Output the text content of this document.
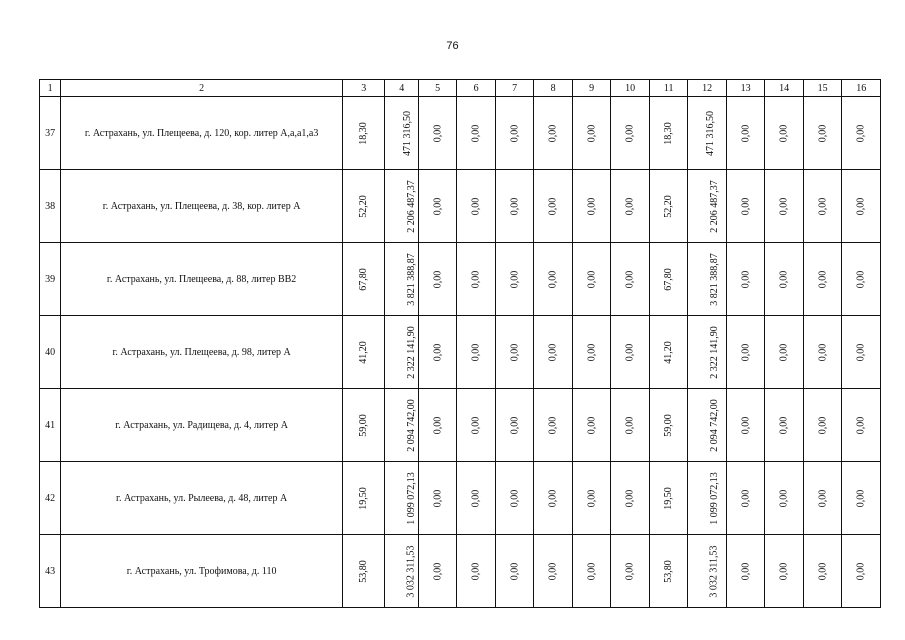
76
1	2	3	4	5	6	7	8	9	10	11	12	13	14	15	16
37	г. Астрахань, ул. Плещеева, д. 120, кор. литер А,а,а1,а3	18,30	471 316,50	0,00	0,00	0,00	0,00	0,00	0,00	18,30	471 316,50	0,00	0,00	0,00	0,00
38	г. Астрахань, ул. Плещеева, д. 38, кор. литер А	52,20	2 206 487,37	0,00	0,00	0,00	0,00	0,00	0,00	52,20	2 206 487,37	0,00	0,00	0,00	0,00
39	г. Астрахань, ул. Плещеева, д. 88, литер ВВ2	67,80	3 821 388,87	0,00	0,00	0,00	0,00	0,00	0,00	67,80	3 821 388,87	0,00	0,00	0,00	0,00
40	г. Астрахань, ул. Плещеева, д. 98, литер А	41,20	2 322 141,90	0,00	0,00	0,00	0,00	0,00	0,00	41,20	2 322 141,90	0,00	0,00	0,00	0,00
41	г. Астрахань, ул. Радищева, д. 4, литер А	59,00	2 094 742,00	0,00	0,00	0,00	0,00	0,00	0,00	59,00	2 094 742,00	0,00	0,00	0,00	0,00
42	г. Астрахань, ул. Рылеева, д. 48, литер А	19,50	1 099 072,13	0,00	0,00	0,00	0,00	0,00	0,00	19,50	1 099 072,13	0,00	0,00	0,00	0,00
43	г. Астрахань, ул. Трофимова, д. 110	53,80	3 032 311,53	0,00	0,00	0,00	0,00	0,00	0,00	53,80	3 032 311,53	0,00	0,00	0,00	0,00
